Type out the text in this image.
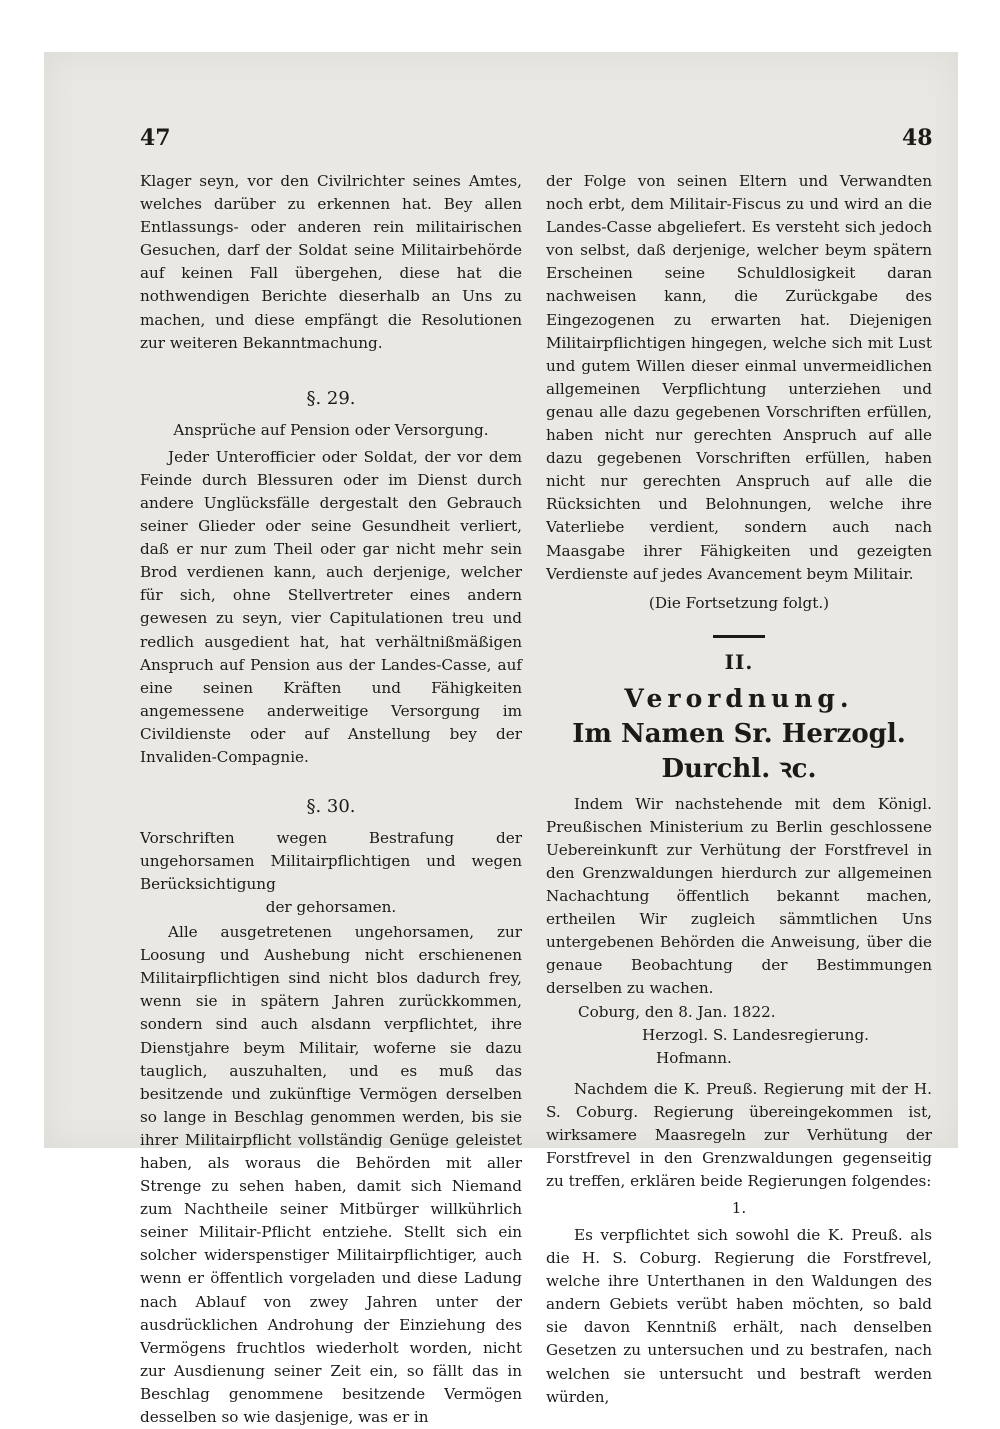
47	48

Klager seyn, vor den Civilrichter seines Amtes, welches darüber zu erkennen hat. Bey allen Entlassungs- oder anderen rein militairischen Gesuchen, darf der Soldat seine Militairbehörde auf keinen Fall übergehen, diese hat die nothwendigen Berichte dieserhalb an Uns zu machen, und diese empfängt die Resolutionen zur weiteren Bekanntmachung.

§. 29.

Ansprüche auf Pension oder Versorgung.

Jeder Unterofficier oder Soldat, der vor dem Feinde durch Blessuren oder im Dienst durch andere Unglücksfälle dergestalt den Gebrauch seiner Glieder oder seine Gesundheit verliert, daß er nur zum Theil oder gar nicht mehr sein Brod verdienen kann, auch derjenige, welcher für sich, ohne Stellvertreter eines andern gewesen zu seyn, vier Capitulationen treu und redlich ausgedient hat, hat verhältnißmäßigen Anspruch auf Pension aus der Landes-Casse, auf eine seinen Kräften und Fähigkeiten angemessene anderweitige Versorgung im Civildienste oder auf Anstellung bey der Invaliden-Compagnie.

§. 30.

Vorschriften wegen Bestrafung der ungehorsamen Militairpflichtigen und wegen Berücksichtigung

der gehorsamen.

Alle ausgetretenen ungehorsamen, zur Loosung und Aushebung nicht erschienenen Militairpflichtigen sind nicht blos dadurch frey, wenn sie in spätern Jahren zurückkommen, sondern sind auch alsdann verpflichtet, ihre Dienstjahre beym Militair, woferne sie dazu tauglich, auszuhalten, und es muß das besitzende und zukünftige Vermögen derselben so lange in Beschlag genommen werden, bis sie ihrer Militairpflicht vollständig Genüge geleistet haben, als woraus die Behörden mit aller Strenge zu sehen haben, damit sich Niemand zum Nachtheile seiner Mitbürger willkührlich seiner Militair-Pflicht entziehe. Stellt sich ein solcher widerspenstiger Militairpflichtiger, auch wenn er öffentlich vorgeladen und diese Ladung nach Ablauf von zwey Jahren unter der ausdrücklichen Androhung der Einziehung des Vermögens fruchtlos wiederholt worden, nicht zur Ausdienung seiner Zeit ein, so fällt das in Beschlag genommene besitzende Vermögen desselben so wie dasjenige, was er in

der Folge von seinen Eltern und Verwandten noch erbt, dem Militair-Fiscus zu und wird an die Landes-Casse abgeliefert. Es versteht sich jedoch von selbst, daß derjenige, welcher beym spätern Erscheinen seine Schuldlosigkeit daran nachweisen kann, die Zurückgabe des Eingezogenen zu erwarten hat. Diejenigen Militairpflichtigen hingegen, welche sich mit Lust und gutem Willen dieser einmal unvermeidlichen allgemeinen Verpflichtung unterziehen und genau alle dazu gegebenen Vorschriften erfüllen, haben nicht nur gerechten Anspruch auf alle dazu gegebenen Vorschriften erfüllen, haben nicht nur gerechten Anspruch auf alle die Rücksichten und Belohnungen, welche ihre Vaterliebe verdient, sondern auch nach Maasgabe ihrer Fähigkeiten und gezeigten Verdienste auf jedes Avancement beym Militair.

(Die Fortsetzung folgt.)

II.
Verordnung.
Im Namen Sr. Herzogl. Durchl. ꝛc.

Indem Wir nachstehende mit dem Königl. Preußischen Ministerium zu Berlin geschlossene Uebereinkunft zur Verhütung der Forstfrevel in den Grenzwaldungen hierdurch zur allgemeinen Nachachtung öffentlich bekannt machen, ertheilen Wir zugleich sämmtlichen Uns untergebenen Behörden die Anweisung, über die genaue Beobachtung der Bestimmungen derselben zu wachen.

Coburg, den 8. Jan. 1822.

Herzogl. S. Landesregierung.

Hofmann.

Nachdem die K. Preuß. Regierung mit der H. S. Coburg. Regierung übereingekommen ist, wirksamere Maasregeln zur Verhütung der Forstfrevel in den Grenzwaldungen gegenseitig zu treffen, erklären beide Regierungen folgendes:

1.

Es verpflichtet sich sowohl die K. Preuß. als die H. S. Coburg. Regierung die Forstfrevel, welche ihre Unterthanen in den Waldungen des andern Gebiets verübt haben möchten, so bald sie davon Kenntniß erhält, nach denselben Gesetzen zu untersuchen und zu bestrafen, nach welchen sie untersucht und bestraft werden würden,
